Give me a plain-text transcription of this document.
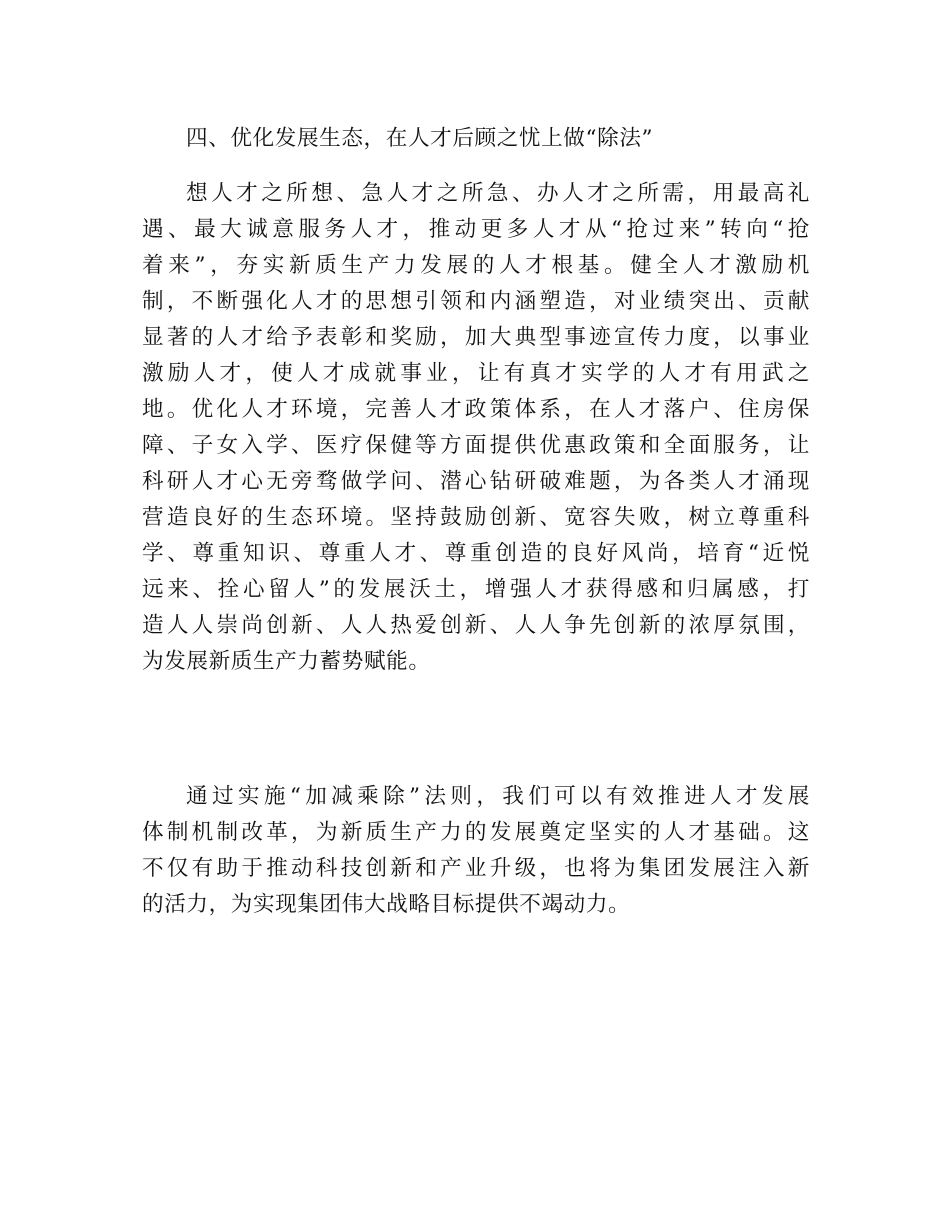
四、优化发展生态，在人才后顾之忧上做“除法”
想人才之所想、急人才之所急、办人才之所需，用最高礼
遇、最大诚意服务人才，推动更多人才从“抢过来”转向“抢
着来”，夯实新质生产力发展的人才根基。健全人才激励机
制，不断强化人才的思想引领和内涵塑造，对业绩突出、贡献
显著的人才给予表彰和奖励，加大典型事迹宣传力度，以事业
激励人才，使人才成就事业，让有真才实学的人才有用武之
地。优化人才环境，完善人才政策体系，在人才落户、住房保
障、子女入学、医疗保健等方面提供优惠政策和全面服务，让
科研人才心无旁骛做学问、潜心钻研破难题，为各类人才涌现
营造良好的生态环境。坚持鼓励创新、宽容失败，树立尊重科
学、尊重知识、尊重人才、尊重创造的良好风尚，培育“近悦
远来、拴心留人”的发展沃土，增强人才获得感和归属感，打
造人人崇尚创新、人人热爱创新、人人争先创新的浓厚氛围，
为发展新质生产力蓄势赋能。
通过实施“加减乘除”法则，我们可以有效推进人才发展
体制机制改革，为新质生产力的发展奠定坚实的人才基础。这
不仅有助于推动科技创新和产业升级，也将为集团发展注入新
的活力，为实现集团伟大战略目标提供不竭动力。
